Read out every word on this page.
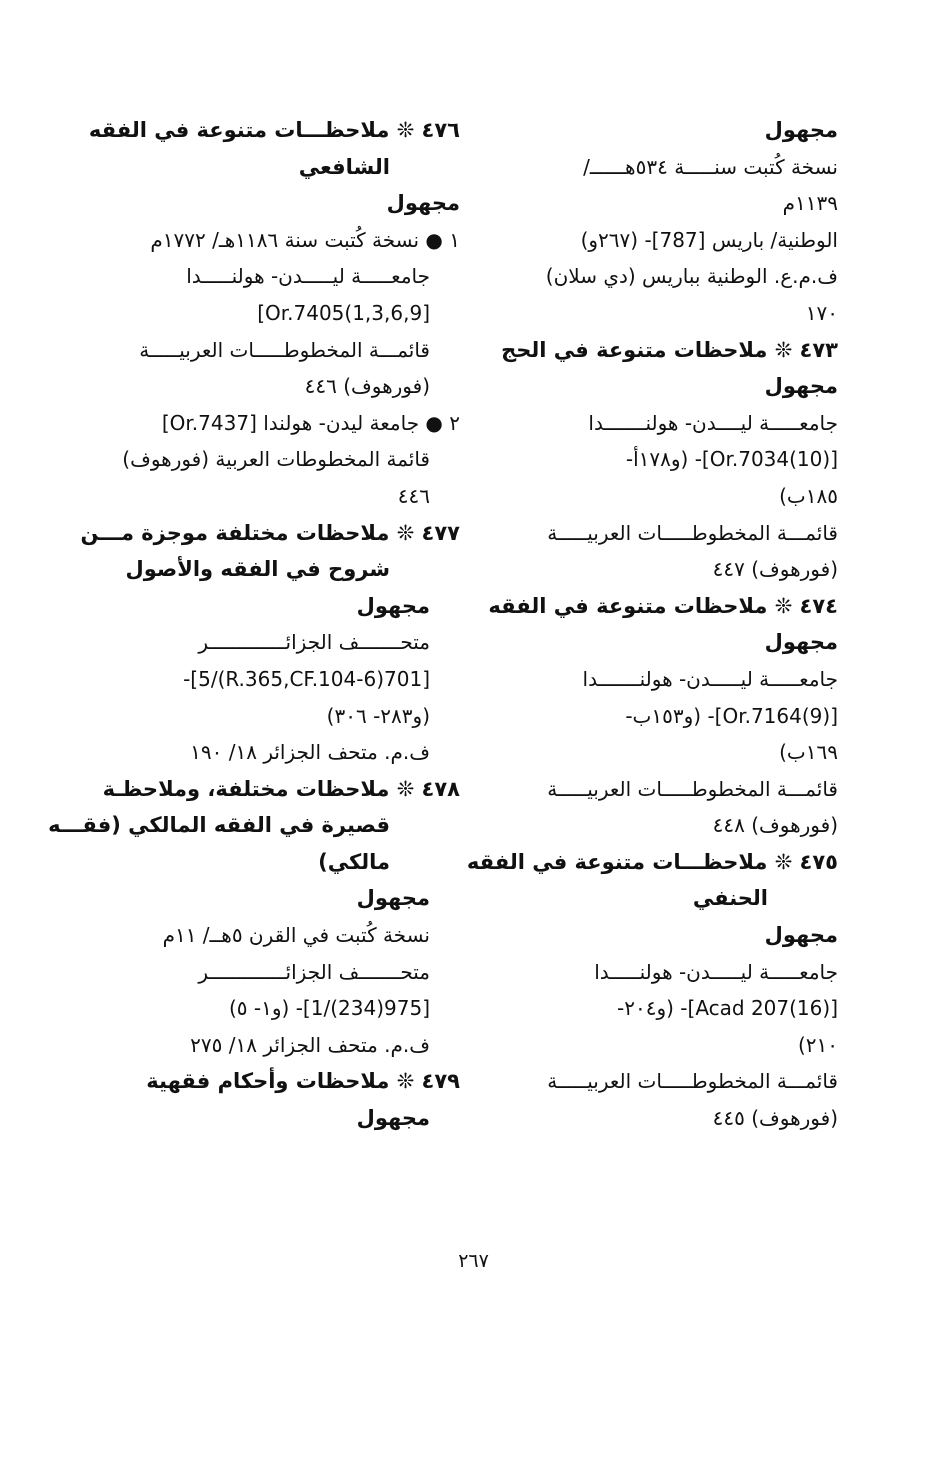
مجهول
نسخة كُتبت سنـــــة ٥٣٤هــــــ/
١١٣٩م
الوطنية/ باريس [787]- (٢٦٧و)
ف.م.ع. الوطنية بباريس (دي سلان)
١٧٠
٤٧٣ ❊ ملاحظات متنوعة في الحج
مجهول
جامعـــــة ليــــدن- هولنـــــــدا
[Or.7034(10)]- (و١٧٨أ-
١٨٥ب)
قائمـــة المخطوطـــــات العربيـــــة
(فورهوف) ٤٤٧
٤٧٤ ❊ ملاحظات متنوعة في الفقه
مجهول
جامعـــــة ليـــــدن- هولنـــــــدا
[Or.7164(9)]- (و١٥٣ب-
١٦٩ب)
قائمـــة المخطوطـــــات العربيـــــة
(فورهوف) ٤٤٨
٤٧٥ ❊ ملاحظـــات متنوعة في الفقه
الحنفي
مجهول
جامعـــــة ليـــــدن- هولنـــــدا
[Acad 207(16)]- (و٢٠٤-
٢١٠)
قائمـــة المخطوطـــــات العربيـــــة
(فورهوف) ٤٤٥
٤٧٦ ❊ ملاحظـــات متنوعة في الفقه
الشافعي
مجهول
١ ● نسخة كُتبت سنة ١١٨٦هـ/ ١٧٧٢م
جامعـــــة ليـــــدن- هولنـــــدا
[Or.7405(1,3,6,9]
قائمـــة المخطوطـــــات العربيـــــة
(فورهوف) ٤٤٦
٢ ● جامعة ليدن- هولندا [Or.7437]
قائمة المخطوطات العربية (فورهوف)
٤٤٦
٤٧٧ ❊ ملاحظات مختلفة موجزة مـــن
شروح في الفقه والأصول
مجهول
متحـــــــف الجزائـــــــــــــر
[701(6-R.365,CF.104)/5]-
(و٢٨٣- ٣٠٦)
ف.م. متحف الجزائر ١٨/ ١٩٠
٤٧٨ ❊ ملاحظات مختلفة، وملاحظـة
قصيرة في الفقه المالكي (فقـــه
مالكي)
مجهول
نسخة كُتبت في القرن ٥هــ/ ١١م
متحـــــــف الجزائـــــــــــــر
[975(234)/1]- (و١- ٥)
ف.م. متحف الجزائر ١٨/ ٢٧٥
٤٧٩ ❊ ملاحظات وأحكام فقهية
مجهول
٢٦٧
